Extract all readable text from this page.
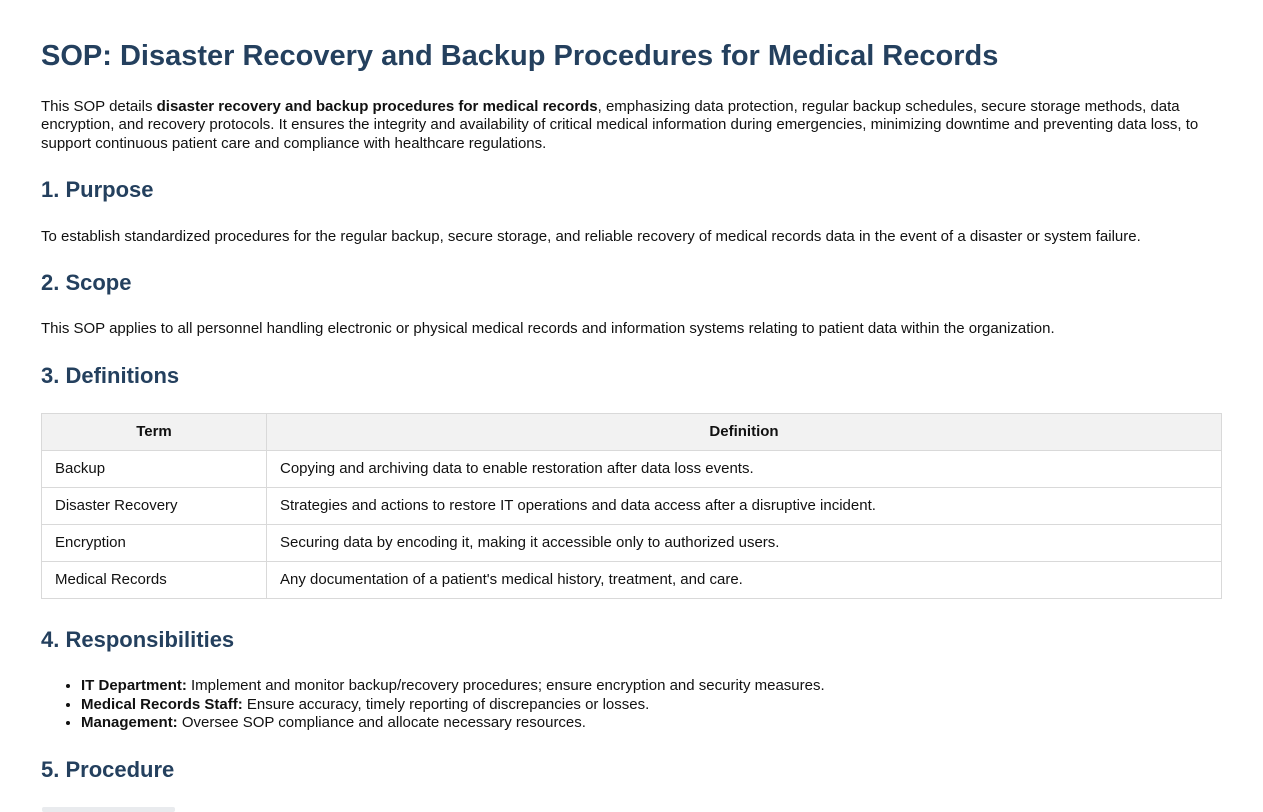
SOP: Disaster Recovery and Backup Procedures for Medical Records

This SOP details disaster recovery and backup procedures for medical records, emphasizing data protection, regular backup schedules, secure storage methods, data encryption, and recovery protocols. It ensures the integrity and availability of critical medical information during emergencies, minimizing downtime and preventing data loss, to support continuous patient care and compliance with healthcare regulations.

1. Purpose

To establish standardized procedures for the regular backup, secure storage, and reliable recovery of medical records data in the event of a disaster or system failure.

2. Scope

This SOP applies to all personnel handling electronic or physical medical records and information systems relating to patient data within the organization.

3. Definitions
Term	Definition
Backup	Copying and archiving data to enable restoration after data loss events.
Disaster Recovery	Strategies and actions to restore IT operations and data access after a disruptive incident.
Encryption	Securing data by encoding it, making it accessible only to authorized users.
Medical Records	Any documentation of a patient's medical history, treatment, and care.
4. Responsibilities
• IT Department: Implement and monitor backup/recovery procedures; ensure encryption and security measures.
• Medical Records Staff: Ensure accuracy, timely reporting of discrepancies or losses.
• Management: Oversee SOP compliance and allocate necessary resources.
5. Procedure
